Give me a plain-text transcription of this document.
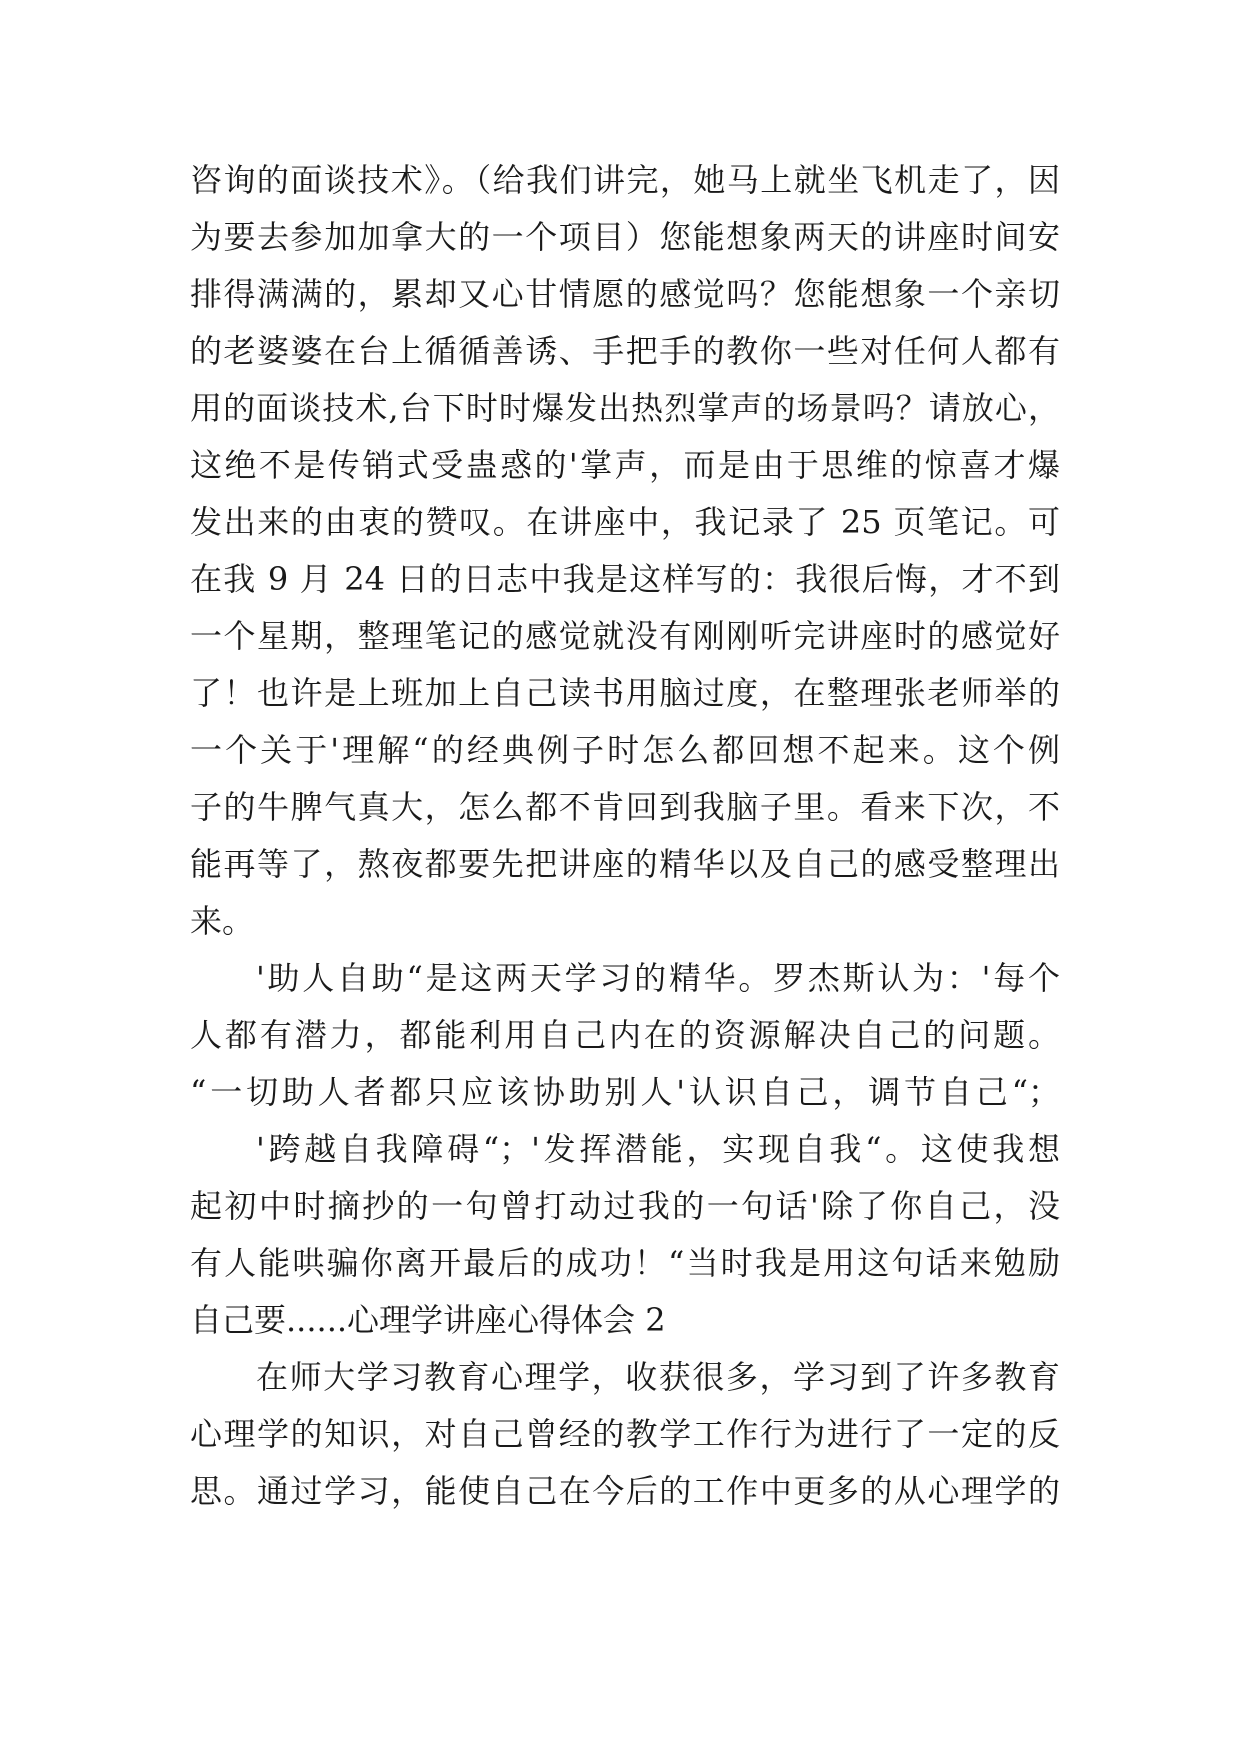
咨询的面谈技术》。（给我们讲完，她马上就坐飞机走了，因
为要去参加加拿大的一个项目）您能想象两天的讲座时间安
排得满满的，累却又心甘情愿的感觉吗？您能想象一个亲切
的老婆婆在台上循循善诱、手把手的教你一些对任何人都有
用的面谈技术,台下时时爆发出热烈掌声的场景吗？请放心，
这绝不是传销式受蛊惑的'掌声，而是由于思维的惊喜才爆
发出来的由衷的赞叹。在讲座中，我记录了 25 页笔记。可
在我 9 月 24 日的日志中我是这样写的：我很后悔，才不到
一个星期，整理笔记的感觉就没有刚刚听完讲座时的感觉好
了！也许是上班加上自己读书用脑过度，在整理张老师举的
一个关于'理解“的经典例子时怎么都回想不起来。这个例
子的牛脾气真大，怎么都不肯回到我脑子里。看来下次，不
能再等了，熬夜都要先把讲座的精华以及自己的感受整理出
来。
'助人自助“是这两天学习的精华。罗杰斯认为：'每个
人都有潜力，都能利用自己内在的资源解决自己的问题。
“一切助人者都只应该协助别人'认识自己，调节自己“；
'跨越自我障碍“；'发挥潜能，实现自我“。这使我想
起初中时摘抄的一句曾打动过我的一句话'除了你自己，没
有人能哄骗你离开最后的成功！“当时我是用这句话来勉励
自己要......心理学讲座心得体会 2
在师大学习教育心理学，收获很多，学习到了许多教育
心理学的知识，对自己曾经的教学工作行为进行了一定的反
思。通过学习，能使自己在今后的工作中更多的从心理学的
